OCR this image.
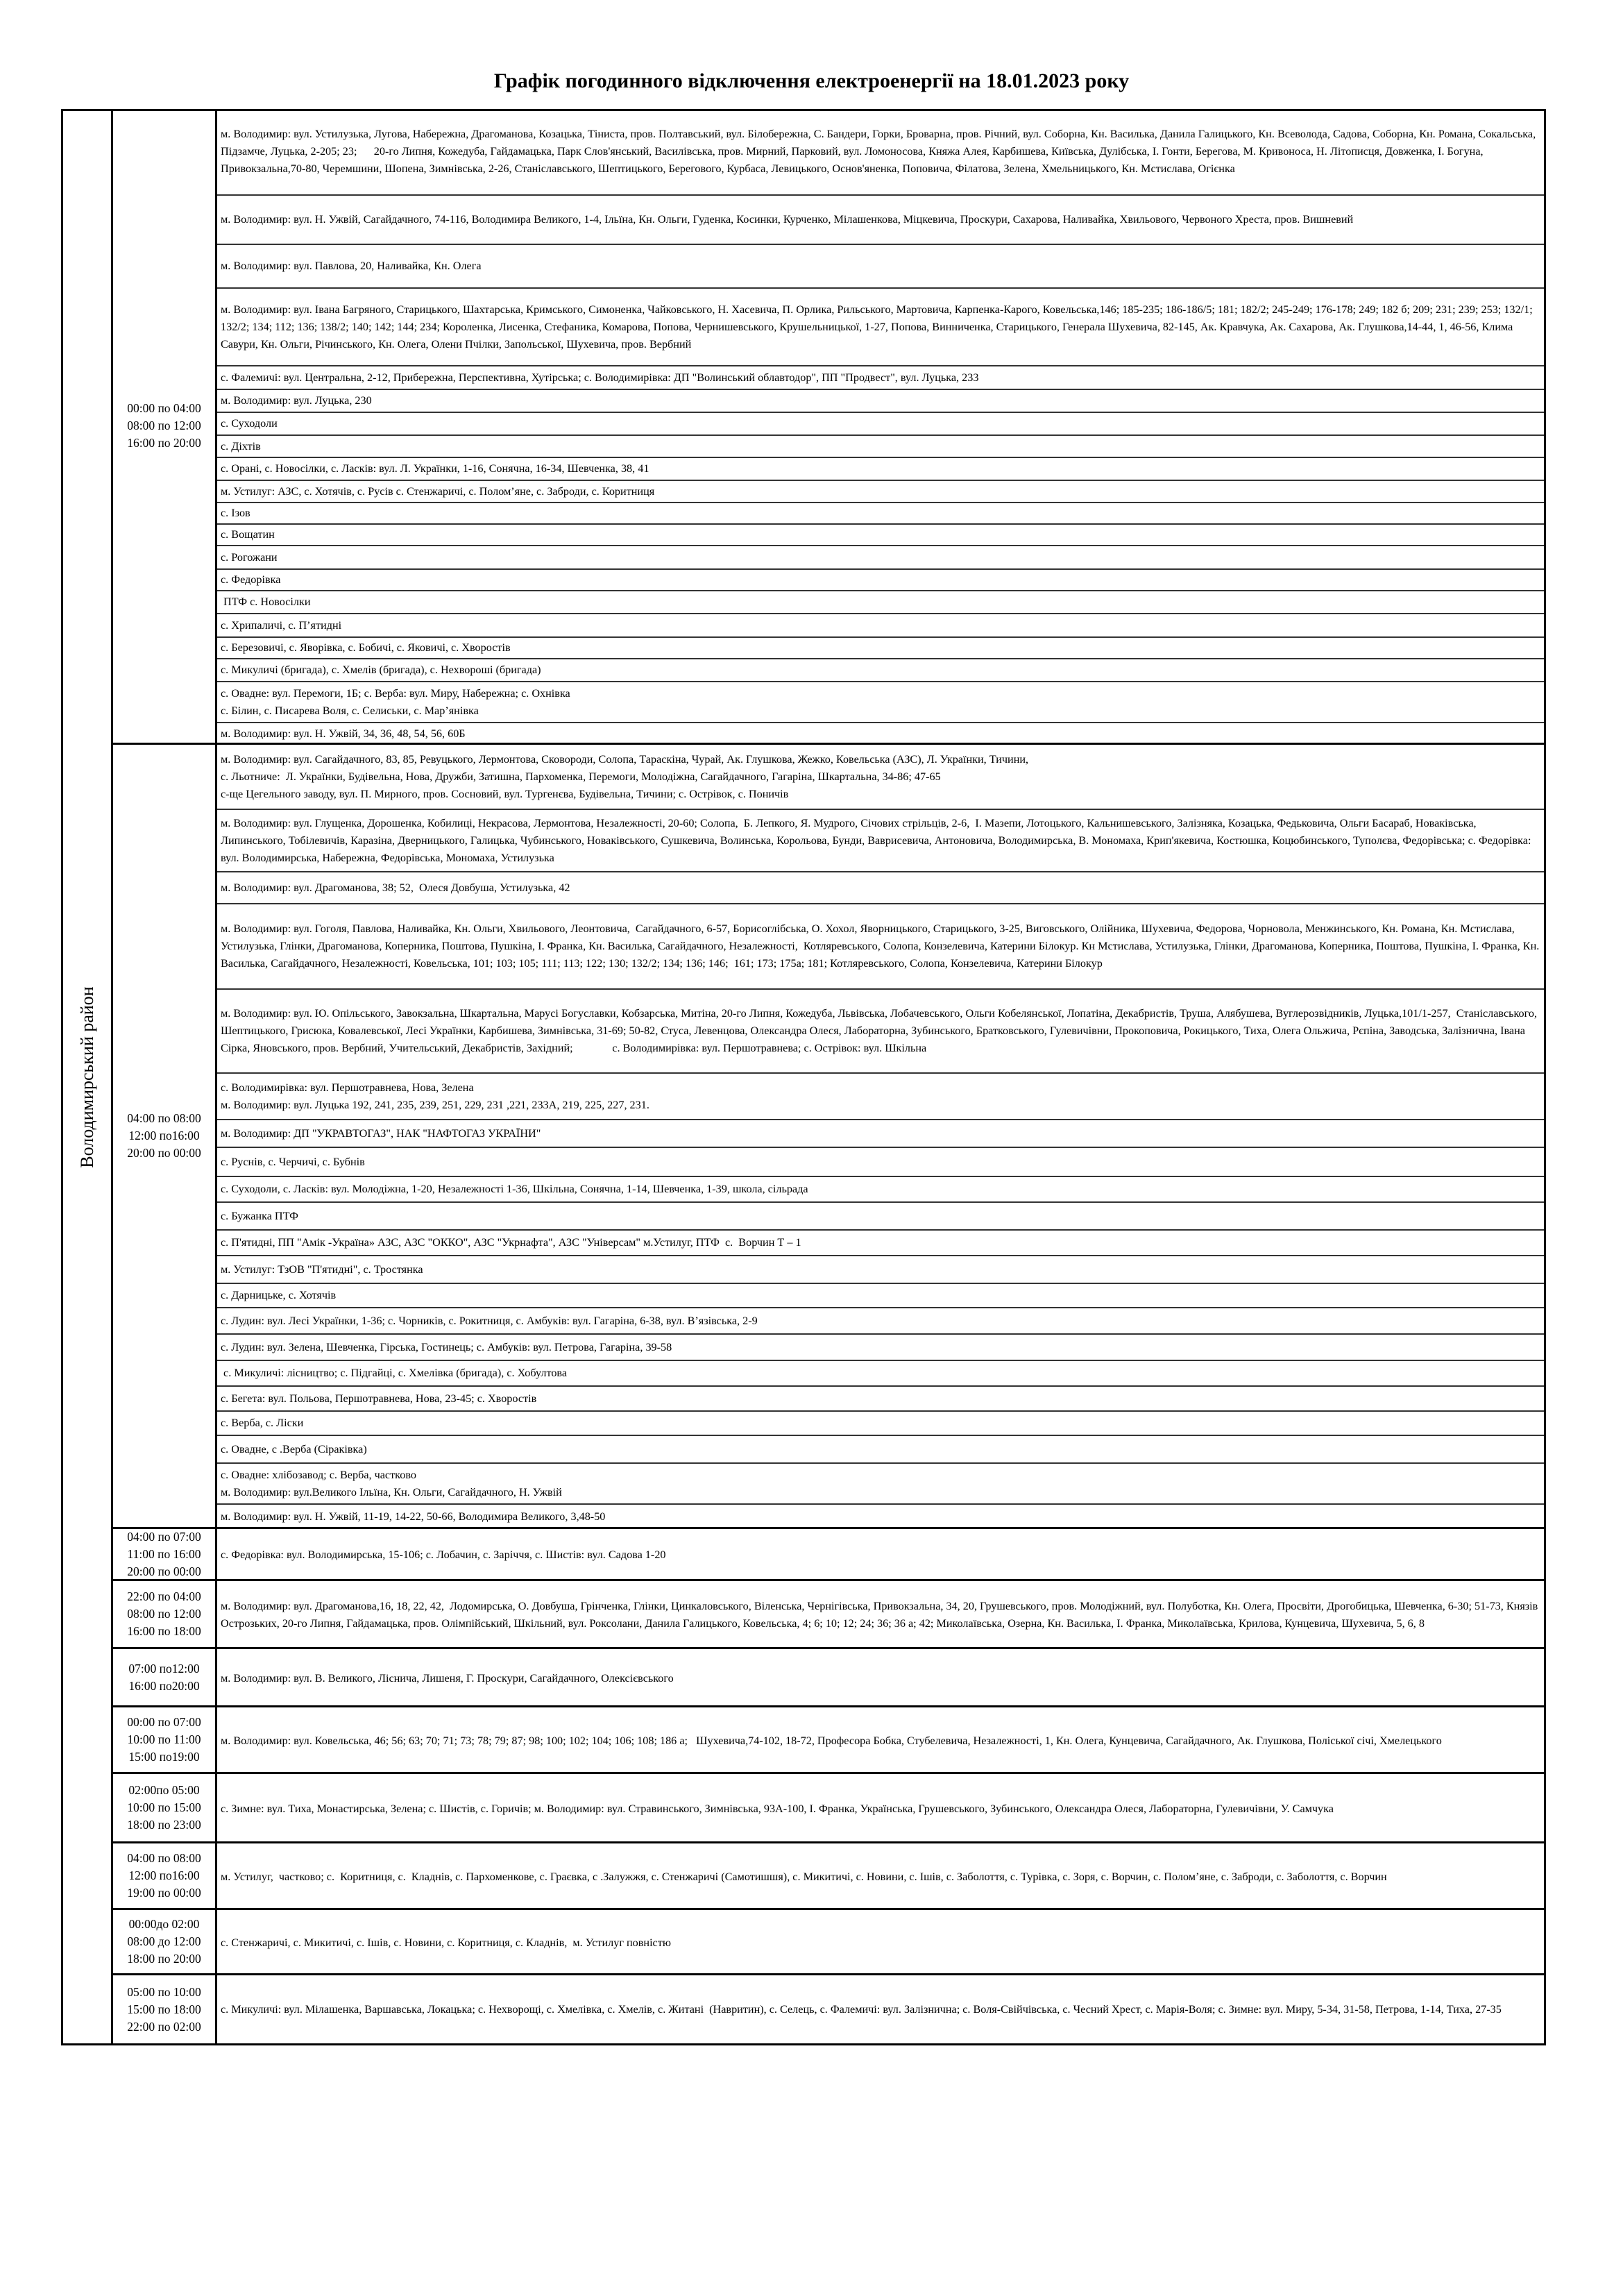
Графік погодинного відключення електроенергії на 18.01.2023 року
Володимирський район
00:00 по 04:00
08:00 по 12:00
16:00 по 20:00
м. Володимир: вул. Устилузька, Лугова, Набережна, Драгоманова, Козацька, Тіниста, пров. Полтавський, вул. Білобережна, С. Бандери, Горки, Броварна, пров. Річний, вул. Соборна, Кн. Василька, Данила Галицького, Кн. Всеволода, Садова, Соборна, Кн. Романа, Сокальська, Підзамче, Луцька, 2-205; 23;      20-го Липня, Кожедуба, Гайдамацька, Парк Слов'янський, Василівська, пров. Мирний, Парковий, вул. Ломоносова, Княжа Алея, Карбишева, Київська, Дулібська, І. Гонти, Берегова, М. Кривоноса, Н. Літописця, Довженка, І. Богуна, Привокзальна,70-80, Черемшини, Шопена, Зимнівська, 2-26, Станіславського, Шептицького, Берегового, Курбаса, Левицького, Основ'яненка, Поповича, Філатова, Зелена, Хмельницького, Кн. Мстислава, Огієнка
м. Володимир: вул. Н. Ужвій, Сагайдачного, 74-116, Володимира Великого, 1-4, Ільїна, Кн. Ольги, Гуденка, Косинки, Курченко, Мілашенкова, Міцкевича, Проскури, Сахарова, Наливайка, Хвильового, Червоного Хреста, пров. Вишневий
м. Володимир: вул. Павлова, 20, Наливайка, Кн. Олега
м. Володимир: вул. Івана Багряного, Старицького, Шахтарська, Кримського, Симоненка, Чайковського, Н. Хасевича, П. Орлика, Рильського, Мартовича, Карпенка-Карого, Ковельська,146; 185-235; 186-186/5; 181; 182/2; 245-249; 176-178; 249; 182 б; 209; 231; 239; 253; 132/1; 132/2; 134; 112; 136; 138/2; 140; 142; 144; 234; Короленка, Лисенка, Стефаника, Комарова, Попова, Чернишевського, Крушельницької, 1-27, Попова, Винниченка, Старицького, Генерала Шухевича, 82-145, Ак. Кравчука, Ак. Сахарова, Ак. Глушкова,14-44, 1, 46-56, Клима Савури, Кн. Ольги, Річинського, Кн. Олега, Олени Пчілки, Запольської, Шухевича, пров. Вербний
с. Фалемичі: вул. Центральна, 2-12, Прибережна, Перспективна, Хутірська; с. Володимирівка: ДП "Волинський облавтодор", ПП "Продвест", вул. Луцька, 233
м. Володимир: вул. Луцька, 230
с. Суходоли
с. Діхтів
с. Орані, с. Новосілки, с. Ласків: вул. Л. Українки, 1-16, Сонячна, 16-34, Шевченка, 38, 41
м. Устилуг: АЗС, с. Хотячів, с. Русів с. Стенжаричі, с. Полом’яне, с. Заброди, с. Коритниця
с. Ізов
с. Вощатин
с. Рогожани
с. Федорівка
ПТФ с. Новосілки
с. Хрипаличі, с. П’ятидні
с. Березовичі, с. Яворівка, с. Бобичі, с. Яковичі, с. Хворостів
с. Микуличі (бригада), с. Хмелів (бригада), с. Нехвороші (бригада)
с. Овадне: вул. Перемоги, 1Б; с. Верба: вул. Миру, Набережна; с. Охнівка
с. Білин, с. Писарева Воля, с. Селиськи, с. Мар’янівка
м. Володимир: вул. Н. Ужвій, 34, 36, 48, 54, 56, 60Б
04:00 по 08:00
12:00 по16:00
20:00 по 00:00
м. Володимир: вул. Сагайдачного, 83, 85, Ревуцького, Лермонтова, Сковороди, Солопа, Тараскіна, Чурай, Ак. Глушкова, Жежко, Ковельська (АЗС), Л. Українки, Тичини,
с. Льотниче:  Л. Українки, Будівельна, Нова, Дружби, Затишна, Пархоменка, Перемоги, Молодіжна, Сагайдачного, Гагаріна, Шкартальна, 34-86; 47-65
с-ще Цегельного заводу, вул. П. Мирного, пров. Сосновий, вул. Тургенєва, Будівельна, Тичини; с. Острівок, с. Поничів
м. Володимир: вул. Глущенка, Дорошенка, Кобилиці, Некрасова, Лермонтова, Незалежності, 20-60; Солопа,  Б. Лепкого, Я. Мудрого, Січових стрільців, 2-6,  І. Мазепи, Лотоцького, Кальнишевського, Залізняка, Козацька, Федьковича, Ольги Басараб, Новаківська, Липинського, Тобілевичів, Каразіна, Дверницького, Галицька, Чубинського, Новаківського, Сушкевича, Волинська, Корольова, Бунди, Ваврисевича, Антоновича, Володимирська, В. Мономаха, Крип'якевича, Костюшка, Коцюбинського, Туполєва, Федорівська; с. Федорівка: вул. Володимирська, Набережна, Федорівська, Мономаха, Устилузька
м. Володимир: вул. Драгоманова, 38; 52,  Олеся Довбуша, Устилузька, 42
м. Володимир: вул. Гоголя, Павлова, Наливайка, Кн. Ольги, Хвильового, Леонтовича,  Сагайдачного, 6-57, Борисоглібська, О. Хохол, Яворницького, Старицького, 3-25, Виговського, Олійника, Шухевича, Федорова, Чорновола, Менжинського, Кн. Романа, Кн. Мстислава, Устилузька, Глінки, Драгоманова, Коперника, Поштова, Пушкіна, І. Франка, Кн. Василька, Сагайдачного, Незалежності,  Котляревського, Солопа, Конзелевича, Катерини Білокур. Кн Мстислава, Устилузька, Глінки, Драгоманова, Коперника, Поштова, Пушкіна, І. Франка, Кн. Василька, Сагайдачного, Незалежності, Ковельська, 101; 103; 105; 111; 113; 122; 130; 132/2; 134; 136; 146;  161; 173; 175а; 181; Котляревського, Солопа, Конзелевича, Катерини Білокур
м. Володимир: вул. Ю. Опільського, Завокзальна, Шкартальна, Марусі Богуславки, Кобзарська, Митіна, 20-го Липня, Кожедуба, Львівська, Лобачевського, Ольги Кобелянської, Лопатіна, Декабристів, Труша, Алябушева, Вуглерозвідників, Луцька,101/1-257,  Станіславського, Шептицького, Грисюка, Ковалевської, Лесі Українки, Карбишева, Зимнівська, 31-69; 50-82, Стуса, Левенцова, Олександра Олеся, Лабораторна, Зубинського, Братковського, Гулевичівни, Прокоповича, Рокицького, Тиха, Олега Ольжича, Рєпіна, Заводська, Залізнична, Івана Сірка, Яновського, пров. Вербний, Учительський, Декабристів, Західний;              с. Володимирівка: вул. Першотравнева; с. Острівок: вул. Шкільна
с. Володимирівка: вул. Першотравнева, Нова, Зелена
м. Володимир: вул. Луцька 192, 241, 235, 239, 251, 229, 231 ,221, 233А, 219, 225, 227, 231.
м. Володимир: ДП "УКРАВТОГАЗ", НАК "НАФТОГАЗ УКРАЇНИ"
с. Руснів, с. Черчичі, с. Бубнів
с. Суходоли, с. Ласків: вул. Молодіжна, 1-20, Незалежності 1-36, Шкільна, Сонячна, 1-14, Шевченка, 1-39, школа, сільрада
с. Бужанка ПТФ
с. П'ятидні, ПП "Амік -Україна» АЗС, АЗС "ОККО", АЗС "Укрнафта", АЗС "Універсам" м.Устилуг, ПТФ  с.  Ворчин Т – 1
м. Устилуг: ТзОВ "П'ятидні", с. Тростянка
с. Дарницьке, с. Хотячів
с. Лудин: вул. Лесі Українки, 1-36; с. Чорників, с. Рокитниця, с. Амбуків: вул. Гагаріна, 6-38, вул. В’язівська, 2-9
с. Лудин: вул. Зелена, Шевченка, Гірська, Гостинець; с. Амбуків: вул. Петрова, Гагаріна, 39-58
с. Микуличі: лісництво; с. Підгайці, с. Хмелівка (бригада), с. Хобултова
с. Бегета: вул. Польова, Першотравнева, Нова, 23-45; с. Хворостів
с. Верба, с. Ліски
с. Овадне, с .Верба (Сіраківка)
с. Овадне: хлібозавод; с. Верба, частково
м. Володимир: вул.Великого Ільїна, Кн. Ольги, Сагайдачного, Н. Ужвій
м. Володимир: вул. Н. Ужвій, 11-19, 14-22, 50-66, Володимира Великого, 3,48-50
04:00 по 07:00
11:00 по 16:00
20:00 по 00:00
с. Федорівка: вул. Володимирська, 15-106; с. Лобачин, с. Заріччя, с. Шистів: вул. Садова 1-20
22:00 по 04:00
08:00 по 12:00
16:00 по 18:00
м. Володимир: вул. Драгоманова,16, 18, 22, 42,  Лодомирська, О. Довбуша, Грінченка, Глінки, Цинкаловського, Віленська, Чернігівська, Привокзальна, 34, 20, Грушевського, пров. Молодіжний, вул. Полуботка, Кн. Олега, Просвіти, Дрогобицька, Шевченка, 6-30; 51-73, Князів Острозьких, 20-го Липня, Гайдамацька, пров. Олімпійський, Шкільний, вул. Роксолани, Данила Галицького, Ковельська, 4; 6; 10; 12; 24; 36; 36 а; 42; Миколаївська, Озерна, Кн. Василька, І. Франка, Миколаївська, Крилова, Кунцевича, Шухевича, 5, 6, 8
07:00 по12:00
16:00 по20:00
м. Володимир: вул. В. Великого, Лісничa, Лишеня, Г. Проскури, Сагайдачного, Олексієвського
00:00 по 07:00
10:00 по 11:00
15:00 по19:00
м. Володимир: вул. Ковельська, 46; 56; 63; 70; 71; 73; 78; 79; 87; 98; 100; 102; 104; 106; 108; 186 а;   Шухевича,74-102, 18-72, Професора Бобка, Стубелевича, Незалежності, 1, Кн. Олега, Кунцевича, Сагайдачного, Ак. Глушкова, Поліської січі, Хмелецького
02:00по 05:00
10:00 по 15:00
18:00 по 23:00
с. Зимне: вул. Тиха, Монастирська, Зелена; с. Шистів, с. Горичів; м. Володимир: вул. Стравинського, Зимнівська, 93А-100, І. Франка, Українська, Грушевського, Зубинського, Олександра Олеся, Лабораторна, Гулевичівни, У. Самчука
04:00 по 08:00
12:00 по16:00
19:00 по 00:00
м. Устилуг,  частково; с.  Коритниця, с.  Кладнів, с. Пархоменкове, с. Граєвка, с .Залужжя, с. Стенжаричі (Самотишшя), с. Микитичі, с. Новини, с. Ішів, с. Заболоття, с. Турівка, с. Зоря, с. Ворчин, с. Полом’яне, с. Заброди, с. Заболоття, с. Ворчин
00:00до 02:00
08:00 до 12:00
18:00 по 20:00
с. Стенжаричі, с. Микитичі, с. Ішів, с. Новини, с. Коритниця, с. Кладнів,  м. Устилуг повністю
05:00 по 10:00
15:00 по 18:00
22:00 по 02:00
с. Микуличі: вул. Мілашенка, Варшавська, Локацька; с. Нехворощі, с. Хмелівка, с. Хмелів, с. Житані  (Навритин), с. Селець, с. Фалемичі: вул. Залізнична; с. Воля-Свійчівська, с. Чесний Хрест, с. Марія-Воля; с. Зимне: вул. Миру, 5-34, 31-58, Петрова, 1-14, Тиха, 27-35
